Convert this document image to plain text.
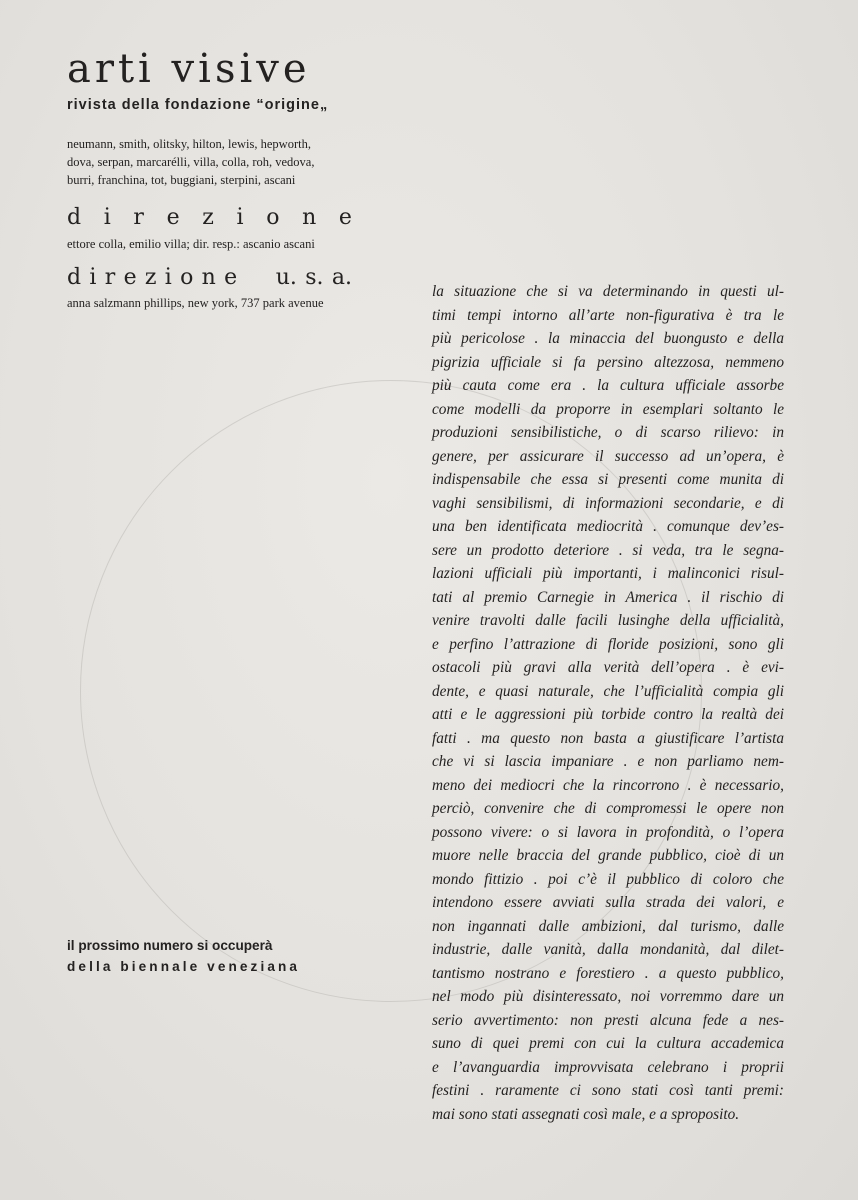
arti visive
rivista della fondazione “origine„
neumann, smith, olitsky, hilton, lewis, hepworth,
dova, serpan, marcarélli, villa, colla, roh, vedova,
burri, franchina, tot, buggiani, sterpini, ascani
d i r e z i o n e
ettore colla, emilio villa; dir. resp.: ascanio ascani
d i r e z i o n e u. s. a.
anna salzmann phillips, new york, 737 park avenue
il prossimo numero si occuperà
della biennale veneziana
la situazione che si va determinando in questi ul-
timi tempi intorno all’arte non-figurativa è tra le
più pericolose . la minaccia del buongusto e della
pigrizia ufficiale si fa persino altezzosa, nemmeno
più cauta come era . la cultura ufficiale assorbe
come modelli da proporre in esemplari soltanto le
produzioni sensibilistiche, o di scarso rilievo: in
genere, per assicurare il successo ad un’opera, è
indispensabile che essa si presenti come munita di
vaghi sensibilismi, di informazioni secondarie, e di
una ben identificata mediocrità . comunque dev’es-
sere un prodotto deteriore . si veda, tra le segna-
lazioni ufficiali più importanti, i malinconici risul-
tati al premio Carnegie in America . il rischio di
venire travolti dalle facili lusinghe della ufficialità,
e perfino l’attrazione di floride posizioni, sono gli
ostacoli più gravi alla verità dell’opera . è evi-
dente, e quasi naturale, che l’ufficialità compia gli
atti e le aggressioni più torbide contro la realtà dei
fatti . ma questo non basta a giustificare l’artista
che vi si lascia impaniare . e non parliamo nem-
meno dei mediocri che la rincorrono . è necessario,
perciò, convenire che di compromessi le opere non
possono vivere: o si lavora in profondità, o l’opera
muore nelle braccia del grande pubblico, cioè di un
mondo fittizio . poi c’è il pubblico di coloro che
intendono essere avviati sulla strada dei valori, e
non ingannati dalle ambizioni, dal turismo, dalle
industrie, dalle vanità, dalla mondanità, dal dilet-
tantismo nostrano e forestiero . a questo pubblico,
nel modo più disinteressato, noi vorremmo dare un
serio avvertimento: non presti alcuna fede a nes-
suno di quei premi con cui la cultura accademica
e l’avanguardia improvvisata celebrano i proprii
festini . raramente ci sono stati così tanti premi:
mai sono stati assegnati così male, e a sproposito.
